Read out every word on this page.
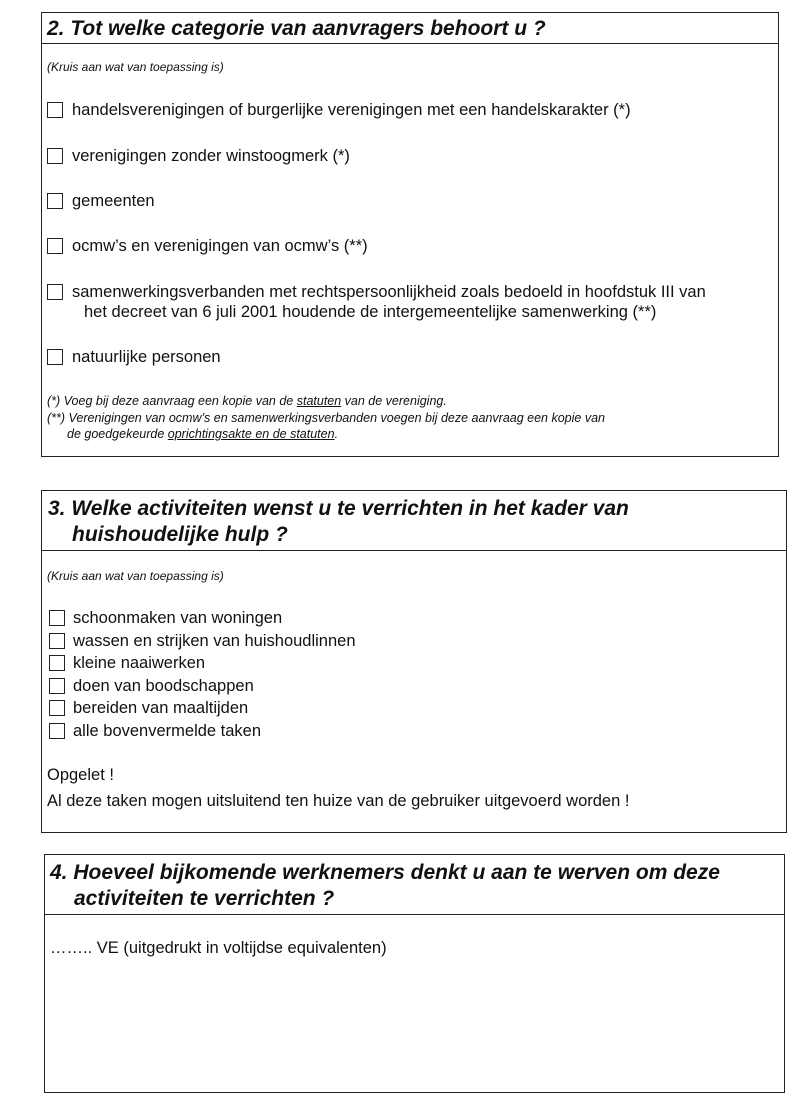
2. Tot welke categorie van aanvragers behoort u ?
(Kruis aan wat van toepassing is)
handelsverenigingen of burgerlijke verenigingen met een handelskarakter (*)
verenigingen zonder winstoogmerk (*)
gemeenten
ocmw’s en verenigingen van ocmw’s (**)
samenwerkingsverbanden met rechtspersoonlijkheid zoals bedoeld in hoofdstuk III van
het decreet van 6 juli 2001 houdende de intergemeentelijke samenwerking (**)
natuurlijke personen
(*) Voeg bij deze aanvraag een kopie van de statuten van de vereniging.
(**) Verenigingen van ocmw’s en samenwerkingsverbanden voegen bij deze aanvraag een kopie van
de goedgekeurde oprichtingsakte en de statuten.
3. Welke activiteiten wenst u te verrichten in het kader van
huishoudelijke hulp ?
(Kruis aan wat van toepassing is)
schoonmaken van woningen
wassen en strijken van huishoudlinnen
kleine naaiwerken
doen van boodschappen
bereiden van maaltijden
alle bovenvermelde taken
Opgelet !
Al deze taken mogen uitsluitend ten huize van de gebruiker uitgevoerd worden !
4. Hoeveel bijkomende werknemers denkt u aan te werven om deze
activiteiten te verrichten ?
…….. VE (uitgedrukt in voltijdse equivalenten)
